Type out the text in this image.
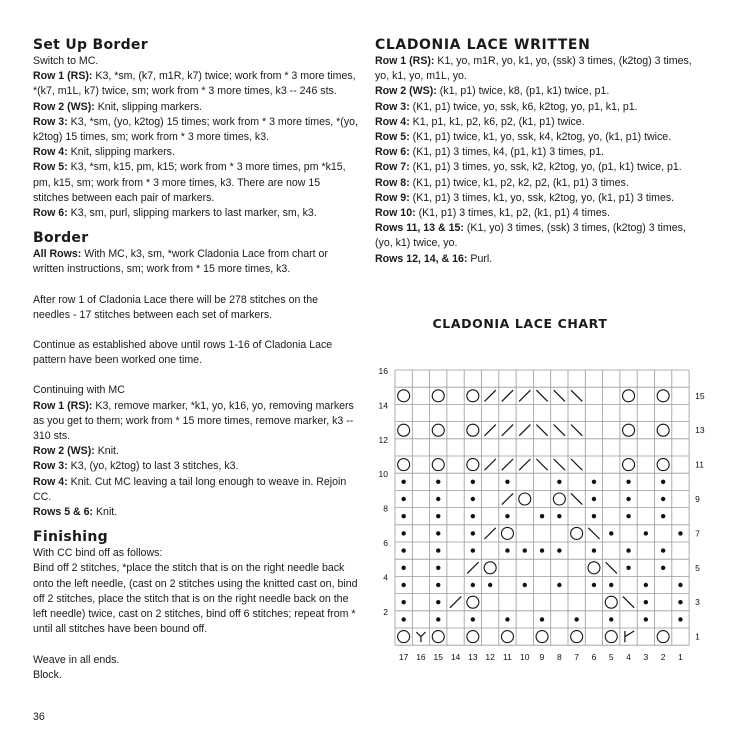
Set Up Border

Switch to MC.

Row 1 (RS): K3, *sm, (k7, m1R, k7) twice; work from * 3 more times, *(k7, m1L, k7) twice, sm; work from * 3 more times, k3 -- 246 sts.

Row 2 (WS): Knit, slipping markers.

Row 3: K3, *sm, (yo, k2tog) 15 times; work from * 3 more times, *(yo, k2tog) 15 times, sm; work from * 3 more times, k3.

Row 4: Knit, slipping markers.

Row 5: K3, *sm, k15, pm, k15; work from * 3 more times, pm *k15, pm, k15, sm; work from * 3 more times, k3. There are now 15 stitches between each pair of markers.

Row 6: K3, sm, purl, slipping markers to last marker, sm, k3.

Border

All Rows: With MC, k3, sm, *work Cladonia Lace from chart or written instructions, sm; work from * 15 more times, k3.

After row 1 of Cladonia Lace there will be 278 stitches on the needles - 17 stitches between each set of markers.

Continue as established above until rows 1-16 of Cladonia Lace pattern have been worked one time.

Continuing with MC

Row 1 (RS): K3, remove marker, *k1, yo, k16, yo, removing markers as you get to them; work from * 15 more times, remove marker, k3 -- 310 sts.

Row 2 (WS): Knit.

Row 3: K3, (yo, k2tog) to last 3 stitches, k3.

Row 4: Knit. Cut MC leaving a tail long enough to weave in. Rejoin CC.

Rows 5 & 6: Knit.

Finishing

With CC bind off as follows:

Bind off 2 stitches, *place the stitch that is on the right needle back onto the left needle, (cast on 2 stitches using the knitted cast on, bind off 2 stitches, place the stitch that is on the right needle back on the left needle) twice, cast on 2 stitches, bind off 6 stitches; repeat from * until all stitches have been bound off.

Weave in all ends.

Block.

CLADONIA LACE WRITTEN

Row 1 (RS): K1, yo, m1R, yo, k1, yo, (ssk) 3 times, (k2tog) 3 times, yo, k1, yo, m1L, yo.

Row 2 (WS): (k1, p1) twice, k8, (p1, k1) twice, p1.

Row 3: (K1, p1) twice, yo, ssk, k6, k2tog, yo, p1, k1, p1.

Row 4: K1, p1, k1, p2, k6, p2, (k1, p1) twice.

Row 5: (K1, p1) twice, k1, yo, ssk, k4, k2tog, yo, (k1, p1) twice.

Row 6: (K1, p1) 3 times, k4, (p1, k1) 3 times, p1.

Row 7: (K1, p1) 3 times, yo, ssk, k2, k2tog, yo, (p1, k1) twice, p1.

Row 8: (K1, p1) twice, k1, p2, k2, p2, (k1, p1) 3 times.

Row 9: (K1, p1) 3 times, k1, yo, ssk, k2tog, yo, (k1, p1) 3 times.

Row 10: (K1, p1) 3 times, k1, p2, (k1, p1) 4 times.

Rows 11, 13 & 15: (K1, yo) 3 times, (ssk) 3 times, (k2tog) 3 times, (yo, k1) twice, yo.

Rows 12, 14, & 16: Purl.

CLADONIA LACE CHART
16
14
12
10
8
6
4
2
15
13
11
9
7
5
3
1
17 16 15 14 13 12 11 10 9 8 7 6 5 4 3 2 1
36
